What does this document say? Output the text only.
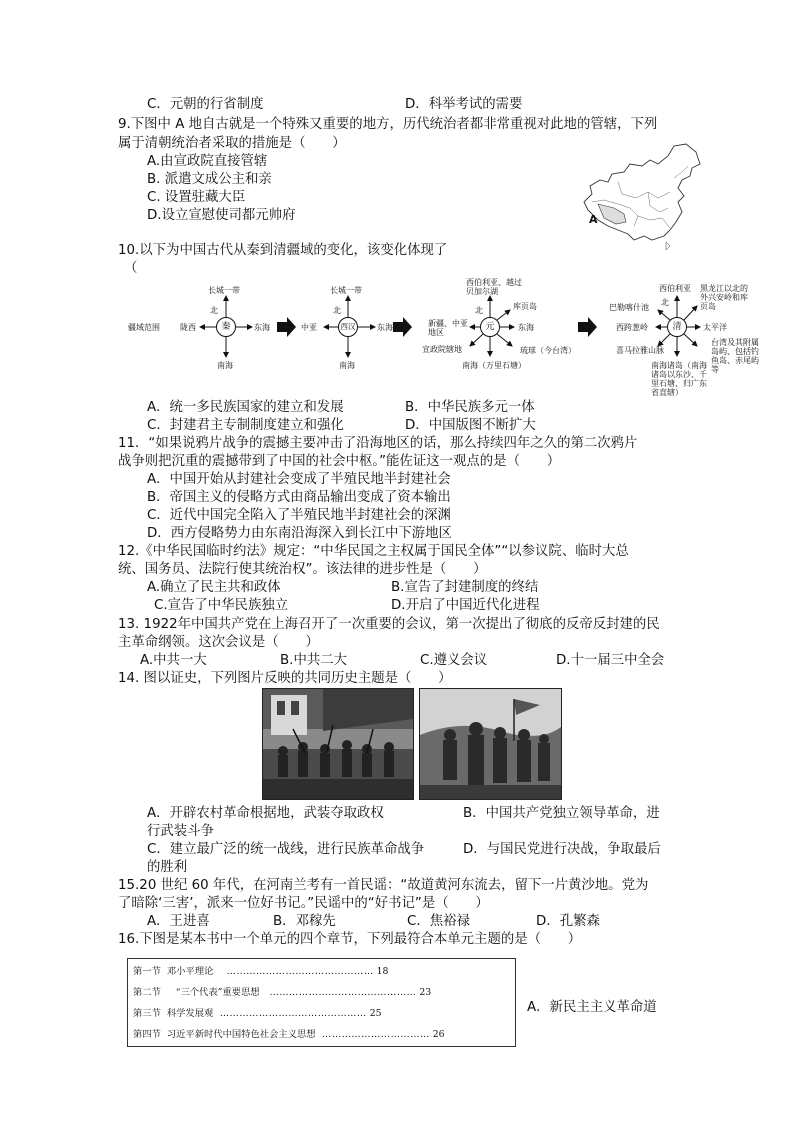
C．元朝的行省制度	D．科举考试的需要
9.下图中 A 地自古就是一个特殊又重要的地方，历代统治者都非常重视对此地的管辖，下列
属于清朝统治者采取的措施是（　　）
A.由宣政院直接管辖
B. 派遣文成公主和亲
C. 设置驻藏大臣
D.设立宣慰使司都元帅府	A
10.以下为中国古代从秦到清疆域的变化，该变化体现了
（
疆域范围	秦
长城一带
北
陇西	东海
南海
西汉
长城一带
北
中亚	东海
南海
元
西伯利亚、越过贝加尔湖
北	库页岛
新疆、中亚地区
东海
宣政院辖地	琉球（今台湾）
南海（万里石塘）
清
西伯利亚
北
黑龙江以北的外兴安岭和库页岛
巴勒喀什池
西跨葱岭	太平洋
喜马拉雅山脉
台湾及其附属岛屿、包括钓鱼岛、赤尾屿等
南海诸岛（南海诸岛以东沙、千里石塘、归广东省直辖）
A．统一多民族国家的建立和发展	B．中华民族多元一体
C．封建君主专制制度建立和强化	D．中国版图不断扩大
11．“如果说鸦片战争的震撼主要冲击了沿海地区的话，那么持续四年之久的第二次鸦片
战争则把沉重的震撼带到了中国的社会中枢。”能佐证这一观点的是（　　）
A．中国开始从封建社会变成了半殖民地半封建社会
B．帝国主义的侵略方式由商品输出变成了资本输出
C．近代中国完全陷入了半殖民地半封建社会的深渊
D．西方侵略势力由东南沿海深入到长江中下游地区
12.《中华民国临时约法》规定：“中华民国之主权属于国民全体”“以参议院、临时大总
统、国务员、法院行使其统治权”。该法律的进步性是（　　）
A.确立了民主共和政体	B.宣告了封建制度的终结
C.宣告了中华民族独立	D.开启了中国近代化进程
13. 1922年中国共产党在上海召开了一次重要的会议，第一次提出了彻底的反帝反封建的民
主革命纲领。这次会议是（　　）
A.中共一大	B.中共二大	C.遵义会议	D.十一届三中全会
14. 图以证史，下列图片反映的共同历史主题是（　　）
A．开辟农村革命根据地，武装夺取政权	B．中国共产党独立领导革命，进
行武装斗争
C．建立最广泛的统一战线，进行民族革命战争	D．与国民党进行决战，争取最后
的胜利
15.20 世纪 60 年代，在河南兰考有一首民谣：“故道黄河东流去，留下一片黄沙地。党为
了暗除‘三害’，派来一位好书记。”民谣中的“好书记”是（　　）
A．王进喜	B．邓稼先	C．焦裕禄	D．孔繁森
16.下图是某本书中一个单元的四个章节，下列最符合本单元主题的是（　　）
第一节 邓小平理论    ……………………………………… 18
第二节 “三个代表”重要思想   ……………………………………… 23
第三节 科学发展观  ……………………………………… 25
第四节 习近平新时代中国特色社会主义思想  …………………………… 26
A．新民主主义革命道
